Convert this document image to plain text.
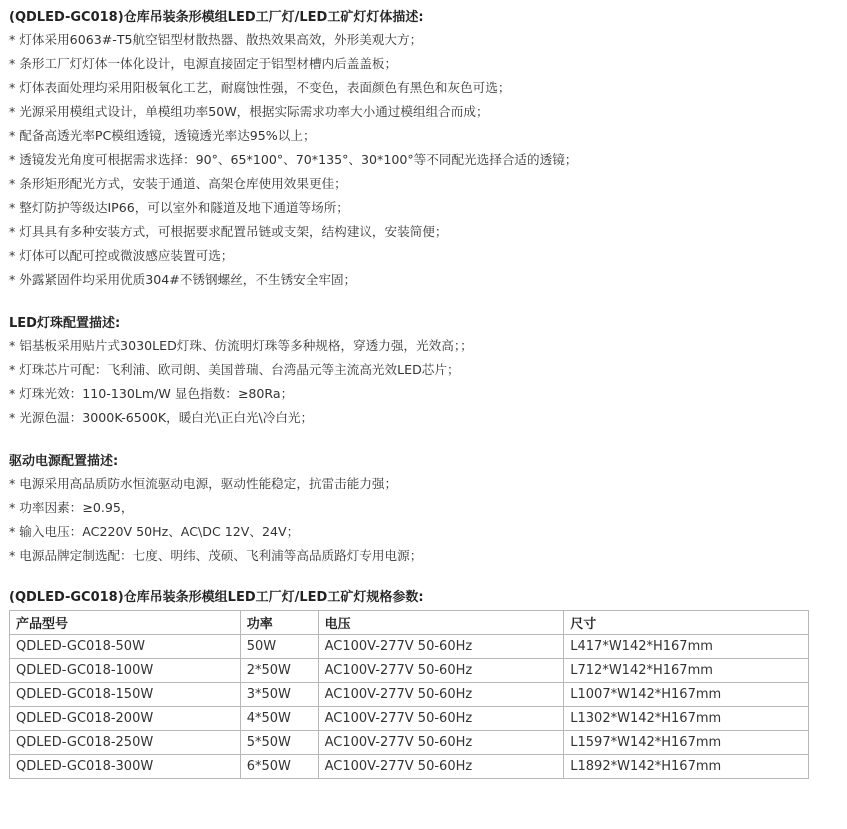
(QDLED-GC018)仓库吊装条形模组LED工厂灯/LED工矿灯灯体描述:

* 灯体采用6063#-T5航空铝型材散热器、散热效果高效，外形美观大方；

* 条形工厂灯灯体一体化设计，电源直接固定于铝型材槽内后盖盖板；

* 灯体表面处理均采用阳极氧化工艺，耐腐蚀性强，不变色，表面颜色有黑色和灰色可选；

* 光源采用模组式设计，单模组功率50W，根据实际需求功率大小通过模组组合而成；

* 配备高透光率PC模组透镜，透镜透光率达95%以上；

* 透镜发光角度可根据需求选择：90°、65*100°、70*135°、30*100°等不同配光选择合适的透镜；

* 条形矩形配光方式，安装于通道、高架仓库使用效果更佳；

* 整灯防护等级达IP66，可以室外和隧道及地下通道等场所；

* 灯具具有多种安装方式，可根据要求配置吊链或支架，结构建议，安装简便；

* 灯体可以配可控或微波感应装置可选；

* 外露紧固件均采用优质304#不锈钢螺丝，不生锈安全牢固；

LED灯珠配置描述:

* 铝基板采用贴片式3030LED灯珠、仿流明灯珠等多种规格，穿透力强，光效高；；

* 灯珠芯片可配：飞利浦、欧司朗、美国普瑞、台湾晶元等主流高光效LED芯片；

* 灯珠光效：110-130Lm/W 显色指数：≥80Ra；

* 光源色温：3000K-6500K，暖白光\正白光\冷白光；

驱动电源配置描述:

* 电源采用高品质防水恒流驱动电源，驱动性能稳定，抗雷击能力强；

* 功率因素：≥0.95，

* 输入电压：AC220V 50Hz、AC\DC 12V、24V；

* 电源品牌定制选配：七度、明纬、茂硕、飞利浦等高品质路灯专用电源；

(QDLED-GC018)仓库吊装条形模组LED工厂灯/LED工矿灯规格参数:

产品型号	功率	电压	尺寸
QDLED-GC018-50W	50W	AC100V-277V 50-60Hz	L417*W142*H167mm
QDLED-GC018-100W	2*50W	AC100V-277V 50-60Hz	L712*W142*H167mm
QDLED-GC018-150W	3*50W	AC100V-277V 50-60Hz	L1007*W142*H167mm
QDLED-GC018-200W	4*50W	AC100V-277V 50-60Hz	L1302*W142*H167mm
QDLED-GC018-250W	5*50W	AC100V-277V 50-60Hz	L1597*W142*H167mm
QDLED-GC018-300W	6*50W	AC100V-277V 50-60Hz	L1892*W142*H167mm
